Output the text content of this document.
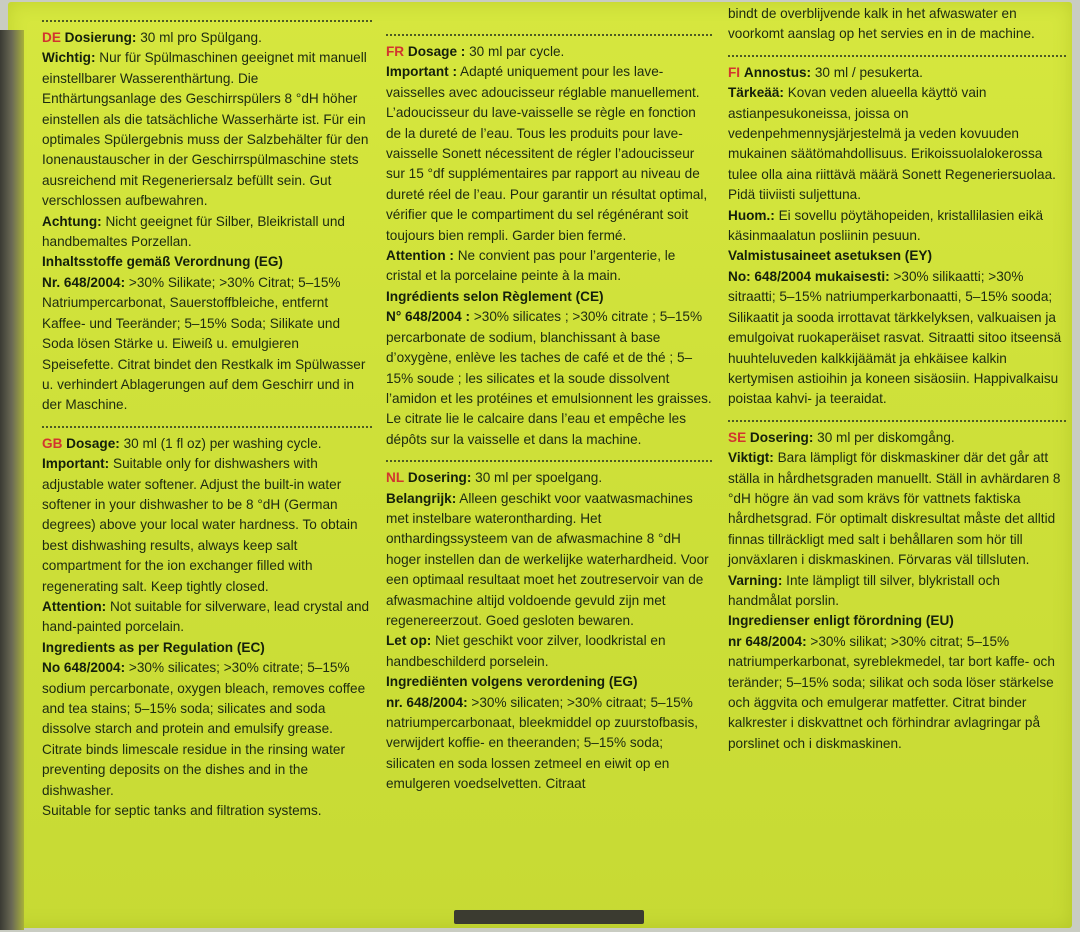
DE Dosierung: 30 ml pro Spülgang.

Wichtig: Nur für Spülmaschinen geeignet mit manuell einstellbarer Wasserenthärtung. Die Enthärtungsanlage des Geschirrspülers 8 °dH höher einstellen als die tatsächliche Wasserhärte ist. Für ein optimales Spülergebnis muss der Salzbehälter für den Ionenaustauscher in der Geschirrspülmaschine stets ausreichend mit Regeneriersalz befüllt sein. Gut verschlossen aufbewahren.

Achtung: Nicht geeignet für Silber, Bleikristall und handbemaltes Porzellan.

Inhaltsstoffe gemäß Verordnung (EG)

Nr. 648/2004: >30% Silikate; >30% Citrat; 5–15% Natriumpercarbonat, Sauerstoffbleiche, entfernt Kaffee- und Teeränder; 5–15% Soda; Silikate und Soda lösen Stärke u. Eiweiß u. emulgieren Speisefette. Citrat bindet den Restkalk im Spülwasser u. verhindert Ablagerungen auf dem Geschirr und in der Maschine.

GB Dosage: 30 ml (1 fl oz) per washing cycle.

Important: Suitable only for dishwashers with adjustable water softener. Adjust the built-in water softener in your dishwasher to be 8 °dH (German degrees) above your local water hardness. To obtain best dishwashing results, always keep salt compartment for the ion exchanger filled with regenerating salt. Keep tightly closed.

Attention: Not suitable for silverware, lead crystal and hand-painted porcelain.

Ingredients as per Regulation (EC)

No 648/2004: >30% silicates; >30% citrate; 5–15% sodium percarbonate, oxygen bleach, removes coffee and tea stains; 5–15% soda; silicates and soda dissolve starch and protein and emulsify grease. Citrate binds limescale residue in the rinsing water preventing deposits on the dishes and in the dishwasher.

Suitable for septic tanks and filtration systems.

FR Dosage : 30 ml par cycle.

Important : Adapté uniquement pour les lave-vaisselles avec adoucisseur réglable manuellement. L’adoucisseur du lave-vaisselle se règle en fonction de la dureté de l’eau. Tous les produits pour lave-vaisselle Sonett nécessitent de régler l’adoucisseur sur 15 °df supplémentaires par rapport au niveau de dureté réel de l’eau. Pour garantir un résultat optimal, vérifier que le compartiment du sel régénérant soit toujours bien rempli. Garder bien fermé.

Attention : Ne convient pas pour l’argenterie, le cristal et la porcelaine peinte à la main.

Ingrédients selon Règlement (CE)

N° 648/2004 : >30% silicates ; >30% citrate ; 5–15% percarbonate de sodium, blanchissant à base d’oxygène, enlève les taches de café et de thé ; 5–15% soude ; les silicates et la soude dissolvent l’amidon et les protéines et emulsionnent les graisses. Le citrate lie le calcaire dans l’eau et empêche les dépôts sur la vaisselle et dans la machine.

NL Dosering: 30 ml per spoelgang.

Belangrijk: Alleen geschikt voor vaatwasmachines met instelbare waterontharding. Het onthardingssysteem van de afwasmachine 8 °dH hoger instellen dan de werkelijke waterhardheid. Voor een optimaal resultaat moet het zoutreservoir van de afwasmachine altijd voldoende gevuld zijn met regenereerzout. Goed gesloten bewaren.

Let op: Niet geschikt voor zilver, loodkristal en handbeschilderd porselein.

Ingrediënten volgens verordening (EG)

nr. 648/2004: >30% silicaten; >30% citraat; 5–15% natriumpercarbonaat, bleekmiddel op zuurstofbasis, verwijdert koffie- en theeranden; 5–15% soda; silicaten en soda lossen zetmeel en eiwit op en emulgeren voedselvetten. Citraat

bindt de overblijvende kalk in het afwaswater en voorkomt aanslag op het servies en in de machine.

FI Annostus: 30 ml / pesukerta.

Tärkeää: Kovan veden alueella käyttö vain astianpesukoneissa, joissa on vedenpehmennysjärjestelmä ja veden kovuuden mukainen säätömahdollisuus. Erikoissuolalokerossa tulee olla aina riittävä määrä Sonett Regeneriersuolaa. Pidä tiiviisti suljettuna.

Huom.: Ei sovellu pöytähopeiden, kristallilasien eikä käsinmaalatun posliinin pesuun.

Valmistusaineet asetuksen (EY)

No: 648/2004 mukaisesti: >30% silikaatti; >30% sitraatti; 5–15% natriumperkarbonaatti, 5–15% sooda; Silikaatit ja sooda irrottavat tärkkelyksen, valkuaisen ja emulgoivat ruokaperäiset rasvat. Sitraatti sitoo itseensä huuhteluveden kalkkijäämät ja ehkäisee kalkin kertymisen astioihin ja koneen sisäosiin. Happivalkaisu poistaa kahvi- ja teeraidat.

SE Dosering: 30 ml per diskomgång.

Viktigt: Bara lämpligt för diskmaskiner där det går att ställa in hårdhetsgraden manuellt. Ställ in avhärdaren 8 °dH högre än vad som krävs för vattnets faktiska hårdhetsgrad. För optimalt diskresultat måste det alltid finnas tillräckligt med salt i behållaren som hör till jonväxlaren i diskmaskinen. Förvaras väl tillsluten.

Varning: Inte lämpligt till silver, blykristall och handmålat porslin.

Ingredienser enligt förordning (EU)

nr 648/2004: >30% silikat; >30% citrat; 5–15% natriumperkarbonat, syreblekmedel, tar bort kaffe- och teränder; 5–15% soda; silikat och soda löser stärkelse och äggvita och emulgerar matfetter. Citrat binder kalkrester i diskvattnet och förhindrar avlagringar på porslinet och i diskmaskinen.
